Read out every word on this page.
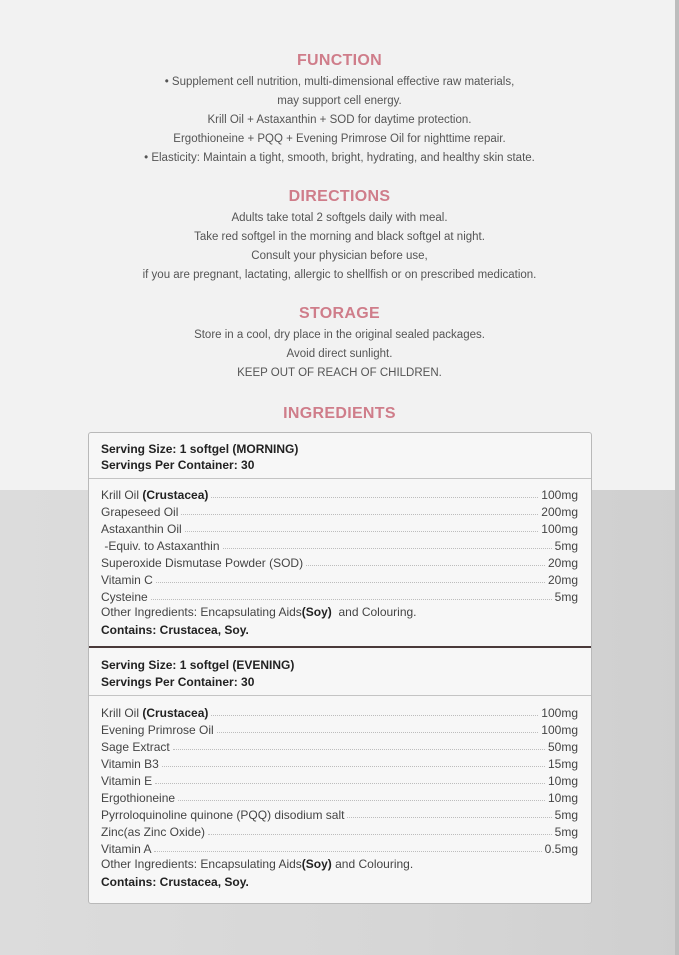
FUNCTION
• Supplement cell nutrition, multi-dimensional effective raw materials,
may support cell energy.
Krill Oil + Astaxanthin + SOD for daytime protection.
Ergothioneine + PQQ + Evening Primrose Oil for nighttime repair.
• Elasticity: Maintain a tight, smooth, bright, hydrating, and healthy skin state.
DIRECTIONS
Adults take total 2 softgels daily with meal.
Take red softgel in the morning and black softgel at night.
Consult your physician before use,
if you are pregnant, lactating, allergic to shellfish or on prescribed medication.
STORAGE
Store in a cool, dry place in the original sealed packages.
Avoid direct sunlight.
KEEP OUT OF REACH OF CHILDREN.
INGREDIENTS
Serving Size: 1 softgel (MORNING)
Servings Per Container: 30
Krill Oil (Crustacea)	100mg
Grapeseed Oil	200mg
Astaxanthin Oil	100mg
-Equiv. to Astaxanthin	5mg
Superoxide Dismutase Powder (SOD)	20mg
Vitamin C	20mg
Cysteine	5mg
Other Ingredients: Encapsulating Aids(Soy)  and Colouring.
Contains: Crustacea, Soy.
Serving Size: 1 softgel (EVENING)
Servings Per Container: 30
Krill Oil (Crustacea)	100mg
Evening Primrose Oil	100mg
Sage Extract	50mg
Vitamin B3	15mg
Vitamin E	10mg
Ergothioneine	10mg
Pyrroloquinoline quinone (PQQ) disodium salt	5mg
Zinc(as Zinc Oxide)	5mg
Vitamin A	0.5mg
Other Ingredients: Encapsulating Aids(Soy) and Colouring.
Contains: Crustacea, Soy.
